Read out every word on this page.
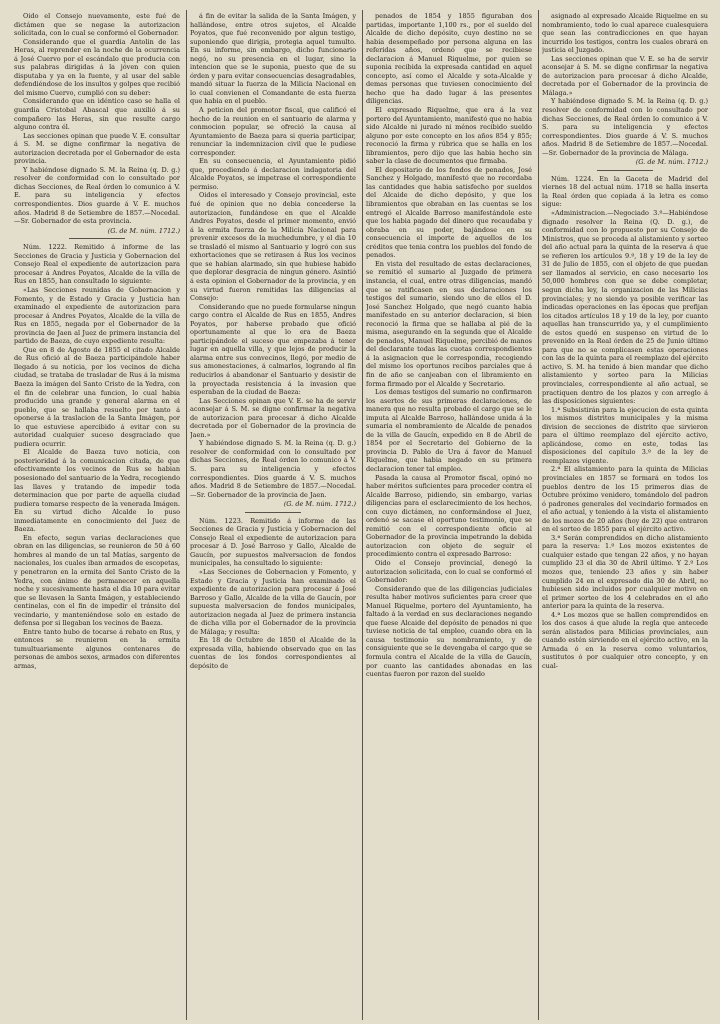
Oido el Consejo nuevamente, este fué de dictámen que se negase la autorizacion solicitada, con lo cual se conformó el Gobernador.

Considerando que el guardia Antolin de las Heras, al reprender en la noche de la ocurrencia á José Cuervo por el escándalo que producia con sus palabras dirigidas á la jóven con quien disputaba y ya en la fuente, y al usar del sable defendiéndose de los insultos y golpes que recibió del mismo Cuervo, cumplió con su deber:

Considerando que en idéntico caso se halla el guardia Cristobal Abascal que auxilió á su compañero las Heras, sin que resulte cargo alguno contra él.

Las secciones opinan que puede V. E. consultar á S. M. se digne confirmar la negativa de autorizacion decretada por el Gobernador de esta provincia.

Y habiéndose dignado S. M. la Reina (q. D. g.) resolver de conformidad con lo consultado por dichas Secciones, de Real órden lo comunico á V. E. para su inteligencia y efectos correspondientes. Dios guarde á V. E. muchos años. Madrid 8 de Setiembre de 1857.—Nocedal.—Sr. Gobernador de esta provincia.

(G. de M. núm. 1712.)

Núm. 1222. Remitido á informe de las Secciones de Gracia y Justicia y Gobernacion del Consejo Real el expediente de autorizacion para procesar á Andres Poyatos, Alcalde de la villa de Rus en 1855, han consultado lo siguiente:

«Las Secciones reunidas de Gobernacion y Fomento, y de Estado y Gracia y Justicia han examinado el expediente de autorizacion para procesar á Andres Poyatos, Alcalde de la villa de Rus en 1855, negada por el Gobernador de la provincia de Jaen al Juez de primera instancia del partido de Baeza, de cuyo expediente resulta:

Que en 8 de Agosto de 1855 el citado Alcalde de Rus ofició al de Baeza participándole haber llegado á su noticia, por los vecinos de dicha ciudad, se trataba de trasladar de Rus á la misma Baeza la imágen del Santo Cristo de la Yedra, con el fin de celebrar una funcion, lo cual habia producido una grande y general alarma en el pueblo, que se hallaba resuelto por tanto á oponerse á la traslacion de la Santa Imágen, por lo que estuviese apercibido á evitar con su autoridad cualquier suceso desgraciado que pudiera ocurrir.

El Alcalde de Baeza tuvo noticia, con posterioridad á la comunicacion citada, de que efectivamente los vecinos de Rus se habian posesionado del santuario de la Yedra, recogiendo las llaves y tratando de impedir toda determinacion que por parte de aquella ciudad pudiera tomarse respecto de la venerada Imágen. En su virtud dicho Alcalde lo puso inmediatamente en conocimiento del Juez de Baeza.

En efecto, segun varias declaraciones que obran en las diligencias, se reunieron de 50 á 60 hombres al mando de un tal Matías, sargento de nacionales, los cuales iban armados de escopetas, y penetraron en la ermita del Santo Cristo de la Yedra, con ánimo de permanecer en aquella noche y sucesivamente hasta el dia 10 para evitar que se llevasen la Santa Imágen, y estableciendo centinelas, con el fin de impedir el tránsito del vecindario, y manteniéndose solo en estado de defensa por si llegaban los vecinos de Baeza.

Entre tanto hubo de tocarse á rebato en Rus, y entonces se reunieron en la ermita tumultuariamente algunos centenares de personas de ambos sexos, armados con diferentes armas,

á fin de evitar la salida de la Santa Imágen, y hallándose, entre otros sujetos, el Alcalde Poyatos, que fué reconvenido por algun testigo, suponiendo que dirigia, protegia aquel tumulto. En su informe, sin embargo, dicho funcionario negó, no su presencia en el lugar, sino la intencion que se le suponia, puesto que de su órden y para evitar consecuencias desagradables, mandó situar la fuerza de la Milicia Nacional en lo cual convienen el Comandante de esta fuerza que habia en el pueblo.

A peticion del promotor fiscal, que calificó el hecho de la reunion en el santuario de alarma y conmocion popular, se ofreció la causa al Ayuntamiento de Baeza para si queria participar, renunciar la indemnizacion civil que le pudiese corresponder.

En su consecuencia, el Ayuntamiento pidió que, procediendo á declaracion indagatoria del Alcalde Poyatos, se impetrase el correspondiente permiso.

Oidos el interesado y Consejo provincial, este fué de opinion que no debia concederse la autorizacion, fundándose en que el Alcalde Andres Poyatos, desde el primer momento, envió á la ermita fuerza de la Milicia Nacional para prevenir excesos de la muchedumbre, y el dia 10 se trasladó el mismo al Santuario y logró con sus exhortaciones que se retirasen á Rus los vecinos que se habian alarmado, sin que hubiese habido que deplorar desgracia de ningun género. Asintió á esta opinion el Gobernador de la provincia, y en su virtud fueron remitidas las diligencias al Consejo:

Considerando que no puede formularse ningun cargo contra el Alcalde de Rus en 1855, Andres Poyatos, por haberse probado que ofició oportunamente al que lo era de Baeza participándole el suceso que empezaba á tener lugar en aquella villa, y que lejos de producir la alarma entre sus convecinos, llegó, por medio de sus amonestaciones, á calmarlos, logrando al fin reducirlos á abandonar el Santuario y desistir de la proyectada resistencia á la invasion que esperaban de la ciudad de Baeza:

Las Secciones opinan que V. E. se ha de servir aconsejar á S. M. se digne confirmar la negativa de autorizacion para procesar á dicho Alcalde decretada por el Gobernador de la provincia de Jaen.»

Y habiéndose dignado S. M. la Reina (q. D. g.) resolver de conformidad con lo consultado por dichas Secciones, de Real órden lo comunico á V. S. para su inteligencia y efectos correspondientes. Dios guarde á V. S. muchos años. Madrid 8 de Setiembre de 1857.—Nocedal.—Sr. Gobernador de la provincia de Jaen.

(G. de M. núm. 1712.)

Núm. 1223. Remitido á informe de las Secciones de Gracia y Justicia y Gobernacion del Consejo Real el expediente de autorizacion para procesar á D. José Barroso y Gallo, Alcalde de Gaucín, por supuestos malversacion de fondos municipales, ha consultado lo siguiente:

«Las Secciones de Gobernacion y Fomento, y Estado y Gracia y Justicia han examinado el expediente de autorizacion para procesar á José Barroso y Gallo, Alcalde de la villa de Gaucín, por supuesta malversacion de fondos municipales, autorizacion negada al Juez de primera instancia de dicha villa por el Gobernador de la provincia de Málaga; y resulta:

En 18 de Octubre de 1850 el Alcalde de la expresada villa, habiendo observado que en las cuentas de los fondos correspondientes al depósito de

penados de 1854 y 1855 figuraban dos partidas, importante 1,100 rs., por el sueldo del Alcalde de dicho depósito, cuyo destino no se habia desempeñado por persona alguna en las referidas años, ordenó que se recibiese declaracion á Manuel Riquelme, por quien se suponia recibida la expresada cantidad en aquel concepto, así como el Alcalde y sota-Alcalde y demas personas que tuviesen conocimiento del hecho que ha dado lugar á las presentes diligencias.

El expresado Riquelme, que era á la vez portero del Ayuntamiento, manifestó que no habia sido Alcalde ni jurado ni ménos recibido sueldo alguno por este concepto en los años 854 y 855; reconoció la firma y rúbrica que se halla en los libramientos, pero dijo que las habia hecho sin saber la clase de documentos que firmaba.

El depositario de los fondos de penados, José Sanchez y Holgado, manifestó que no recordaba las cantidades que habia satisfecho por sueldos del Alcaide de dicho depósito, y que los libramientos que obraban en las cuentas se los entregó el Alcalde Barroso manifestándole este que los habia pagado del dinero que recaudaba y obraba en su poder, bajándose en su consecuencia el importe de aquellos de los créditos que tenia contra los pueblos del fondo de penados.

En vista del resultado de estas declaraciones, se remitió el sumario al Juzgado de primera instancia, el cual, entre otras diligencias, mandó que se ratificasen en sus declaraciones los testigos del sumario, siendo uno de ellos el D. José Sanchez Holgado, que negó cuanto habia manifestado en su anterior declaracion, si bien reconoció la firma que se hallaba al pié de la misma, asegurando en la segunda que el Alcalde de penados, Manuel Riquelme, percibió de manos del declarante todas las cuotas correspondientes á la asignacion que le correspondia, recogiendo del mismo los oportunos recibos parciales que á fin de año se canjeaban con el libramiento en forma firmado por el Alcalde y Secretario.

Los demas testigos del sumario no confirmaron los asertos de sus primeras declaraciones, de manera que no resulta probado el cargo que se le imputa al Alcalde Barroso, hallándose unida á la sumaria el nombramiento de Alcalde de penados de la villa de Gaucín, expedido en 8 de Abril de 1854 por el Secretario del Gobierno de la provincia D. Pablo de Ura á favor de Manuel Riquelme, que habia negado en su primera declaracion tener tal empleo.

Pasada la causa al Promotor fiscal, opinó no haber méritos suficientes para proceder contra el Alcalde Barroso, pidiendo, sin embargo, varias diligencias para el esclarecimiento de los hechos, con cuyo dictámen, no conformándose el Juez, ordenó se sacase el oportuno testimonio, que se remitió con el correspondiente oficio al Gobernador de la provincia impetrando la debida autorizacion con objeto de seguir el procedimiento contra el expresado Barroso:

Oido el Consejo provincial, denegó la autorizacion solicitada, con lo cual se conformó el Gobernador:

Considerando que de las diligencias judiciales resulta haber motivos suficientes para creer que Manuel Riquelme, portero del Ayuntamiento, ha faltado á la verdad en sus declaraciones negando que fuese Alcaide del depósito de penados ni que tuviese noticia de tal empleo, cuando obra en la causa testimonio su nombramiento, y de consiguiente que se le devengaba el cargo que se formula contra el Alcalde de la villa de Gaucín, por cuanto las cantidades abonadas en las cuentas fueron por razon del sueldo

asignado al expresado Alcaide Riquelme en su nombramiento, todo lo cual aparece cualesquiera que sean las contradicciones en que hayan incurrido los testigos, contra los cuales obrará en justicia el Juzgado.

Las secciones opinan que V. E. se ha de servir aconsejar á S. M. se digne confirmar la negativa de autorizacion para procesar á dicho Alcalde, decretada por el Gobernador de la provincia de Málaga.»

Y habiéndose dignado S. M. la Reina (q. D. g.) resolver de conformidad con lo consultado por dichas Secciones, de Real órden lo comunico á V. S. para su inteligencia y efectos correspondientes. Dios guarde á V. S. muchos años. Madrid 8 de Setiembre de 1857.—Nocedal.—Sr. Gobernador de la provincia de Málaga.

(G. de M. núm. 1712.)

Núm. 1224. En la Gaceta de Madrid del viernes 18 del actual núm. 1718 se halla inserta la Real órden que copiada á la letra es como sigue:

«Administracion.—Negociado 3.º—Habiéndose dignado resolver la Reina (Q. D. g.), de conformidad con lo propuesto por su Consejo de Ministros, que se proceda al alistamiento y sorteo del año actual para la quinta de la reserva á que se refieren los artículos 9.º, 18 y 19 de la ley de 31 de Julio de 1855, con el objeto de que puedan ser llamados al servicio, en caso necesario los 50,000 hombres con que se debe completar, segun dicha ley, la organizacion de las Milicias provinciales; y no siendo ya posible verificar las indicadas operaciones en las épocas que prefijan los citados artículos 18 y 19 de la ley, por cuanto aquellas han transcurrido ya, y el cumplimiento de estos quedó en suspenso en virtud de lo prevenido en la Real órden de 25 de Junio último para que no se complicasen estas operaciones con las de la quinta para el reemplazo del ejército activo, S. M. ha tenido á bien mandar que dicho alistamiento y sorteo para la Milicias provinciales, correspondiente al año actual, se practiquen dentro de los plazos y con arreglo á las disposiciones siguientes:

1.ª Subsistirán para la ejecucion de esta quinta los mismos distritos municipales y la misma division de secciones de distrito que sirvieron para el último reemplazo del ejército activo, aplicándose, como en este, todas las disposiciones del capítulo 3.º de la ley de reemplazos vigente.

2.ª El alistamiento para la quinta de Milicias provinciales en 1857 se formará en todos los pueblos dentro de los 15 primeros dias de Octubre próximo venidero, tomándolo del padron ó padrones generales del vecindario formados en el año actual, y teniendo á la vista el alistamiento de los mozos de 20 años (hoy de 22) que entraron en el sorteo de 1855 para el ejército activo.

3.ª Serán comprendidos en dicho alistamiento para la reserva: 1.º Los mozos existentes de cualquier estado que tengan 22 años, y no hayan cumplido 23 el dia 30 de Abril último. Y 2.º Los mozos que, teniendo 23 años y sin haber cumplido 24 en el expresado dia 30 de Abril, no hubiesen sido incluidos por cualquier motivo en el primer sorteo de los 4 celebrados en el año anterior para la quinta de la reserva.

4.ª Los mozos que se hallen comprendidos en los dos casos á que alude la regla que antecede serán alistados para Milicias provinciales, aun cuando estén sirviendo en el ejército activo, en la Armada ó en la reserva como voluntarios, sustitutos ó por cualquier otro concepto, y en cual-
